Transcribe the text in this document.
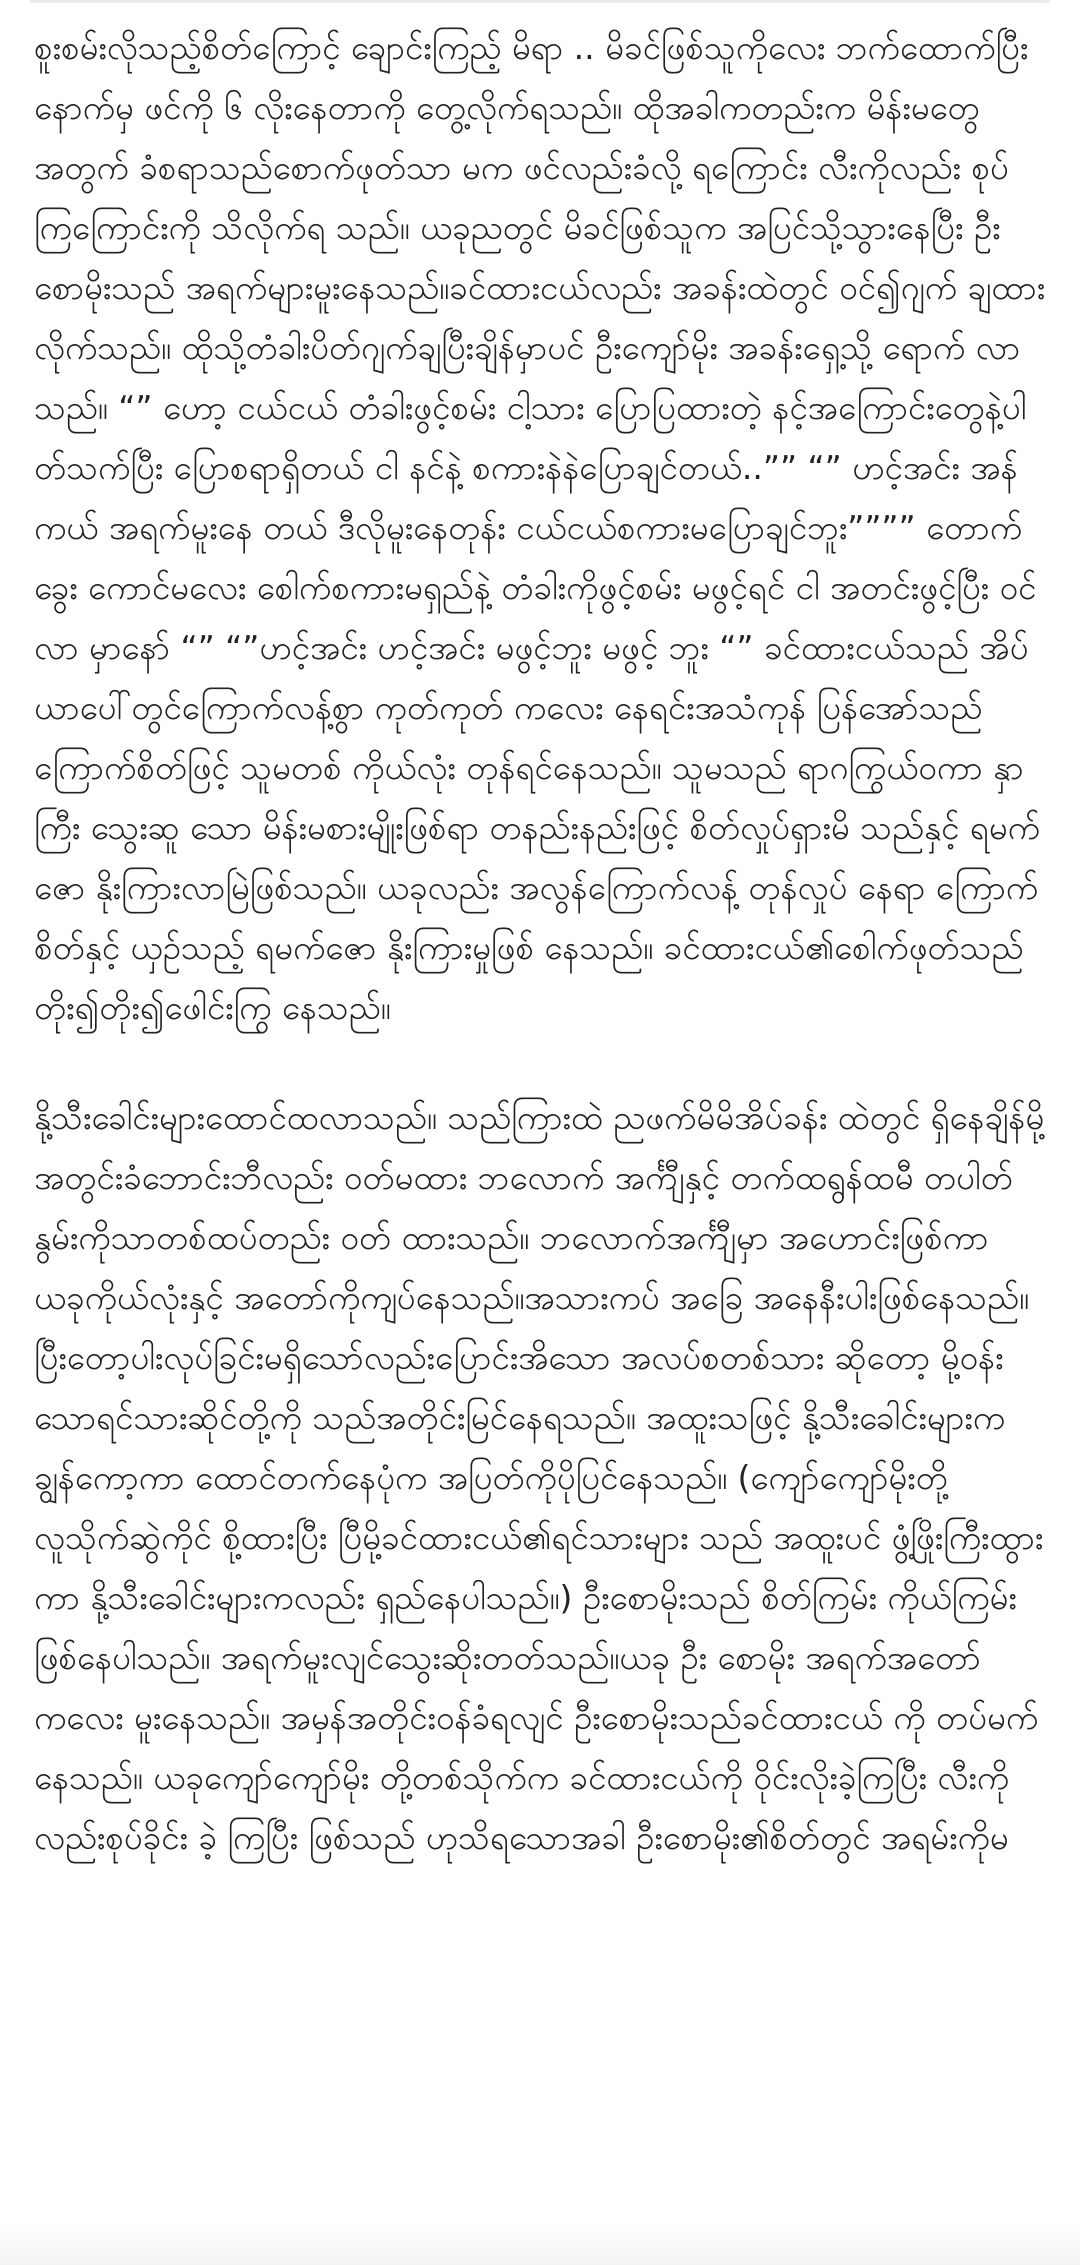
စူးစမ်းလိုသည့်စိတ်ကြောင့် ချောင်းကြည့် မိရာ .. မိခင်ဖြစ်သူကိုလေး ဘက်ထောက်ပြီး နောက်မှ ဖင်ကို ၆ လိုးနေတာကို တွေ့လိုက်ရသည်။ ထိုအခါကတည်းက မိန်းမတွေအတွက် ခံစရာသည်စောက်ဖုတ်သာ မက ဖင်လည်းခံလို့ ရကြောင်း လီးကိုလည်း စုပ်ကြကြောင်းကို သိလိုက်ရ သည်။ ယခုညတွင် မိခင်ဖြစ်သူက အပြင်သို့သွားနေပြီး ဦးစောမိုးသည် အရက်များမူးနေသည်။ခင်ထားငယ်လည်း အခန်းထဲတွင် ဝင်၍ဂျက် ချထားလိုက်သည်။ ထိုသို့တံခါးပိတ်ဂျက်ချပြီးချိန်မှာပင် ဦးကျော်မိုး အခန်းရှေ့သို့ ရောက် လာသည်။ “” ဟော့ ငယ်ငယ် တံခါးဖွင့်စမ်း ငါ့သား ပြောပြထားတဲ့ နင့်အကြောင်းတွေနဲ့ပါတ်သက်ပြီး ပြောစရာရှိတယ် ငါ နင်နဲ့ စကားနဲနဲပြောချင်တယ်..”” “” ဟင့်အင်း အန်ကယ် အရက်မူးနေ တယ် ဒီလိုမူးနေတုန်း ငယ်ငယ်စကားမပြောချင်ဘူး”””” တောက် ခွေး ကောင်မလေး စေါက်စကားမရှည်နဲ့ တံခါးကိုဖွင့်စမ်း မဖွင့်ရင် ငါ အတင်းဖွင့်ပြီး ဝင်လာ မှာနော် “” “”ဟင့်အင်း ဟင့်အင်း မဖွင့်ဘူး မဖွင့် ဘူး “” ခင်ထားငယ်သည် အိပ်ယာပေါ်တွင်ကြောက်လန့်စွာ ကုတ်ကုတ် ကလေး နေရင်းအသံကုန် ပြန်အော်သည် ကြောက်စိတ်ဖြင့် သူမတစ် ကိုယ်လုံး တုန်ရင်နေသည်။ သူမသည် ရာဂကြွယ်ဝကာ နှာကြီး သွေးဆူ သော မိန်းမစားမျိုးဖြစ်ရာ တနည်းနည်းဖြင့် စိတ်လှုပ်ရှားမိ သည်နှင့် ရမက်ဇော နိုးကြားလာမြဲဖြစ်သည်။ ယခုလည်း အလွန်ကြောက်လန့် တုန်လှုပ် နေရာ ကြောက်စိတ်နှင့် ယှဉ်သည့် ရမက်ဇော နိုးကြားမှုဖြစ် နေသည်။ ခင်ထားငယ်၏စေါက်ဖုတ်သည် တိုး၍တိုး၍ဖေါင်းကြွ နေသည်။

နို့သီးခေါင်းများထောင်ထလာသည်။ သည်ကြားထဲ ညဖက်မိမိအိပ်ခန်း ထဲတွင် ရှိနေချိန်မို့ အတွင်းခံဘောင်းဘီလည်း ဝတ်မထား ဘလောက် အင်္ကျီနှင့် တက်ထရွန်ထမီ တပါတ်နွမ်းကိုသာတစ်ထပ်တည်း ဝတ် ထားသည်။ ဘလောက်အင်္ကျီမှာ အဟောင်းဖြစ်ကာ ယခုကိုယ်လုံးနှင့် အတော်ကိုကျပ်နေသည်။အသားကပ် အခြေ အနေနီးပါးဖြစ်နေသည်။ ပြီးတော့ပါးလုပ်ခြင်းမရှိသော်လည်းပြောင်းအိသော အလပ်စတစ်သား ဆိုတော့ မို့ဝန်း သောရင်သားဆိုင်တို့ကို သည်အတိုင်းမြင်နေရသည်။ အထူးသဖြင့် နို့သီးခေါင်းများက ချွန်ကော့ကာ ထောင်တက်နေပုံက အပြတ်ကိုပိုပြင်နေသည်။ (ကျော်ကျော်မိုးတို့ လူသိုက်ဆွဲကိုင် စို့ထားပြီး ပြီမို့ခင်ထားငယ်၏ရင်သားများ သည် အထူးပင် ဖွံ့ဖြိုးကြီးထွားကာ နို့သီးခေါင်းများကလည်း ရှည်နေပါသည်။) ဦးစောမိုးသည် စိတ်ကြမ်း ကိုယ်ကြမ်းဖြစ်နေပါသည်။ အရက်မူးလျင်သွေးဆိုးတတ်သည်။ယခု ဦး စောမိုး အရက်အတော်ကလေး မူးနေသည်။ အမှန်အတိုင်းဝန်ခံရလျင် ဦးစောမိုးသည်ခင်ထားငယ် ကို တပ်မက်နေသည်။ ယခုကျော်ကျော်မိုး တို့တစ်သိုက်က ခင်ထားငယ်ကို ဝိုင်းလိုးခဲ့ကြပြီး လီးကိုလည်းစုပ်ခိုင်း ခဲ့ ကြပြီး ဖြစ်သည် ဟုသိရသောအခါ ဦးစောမိုး၏စိတ်တွင် အရမ်းကိုမ
